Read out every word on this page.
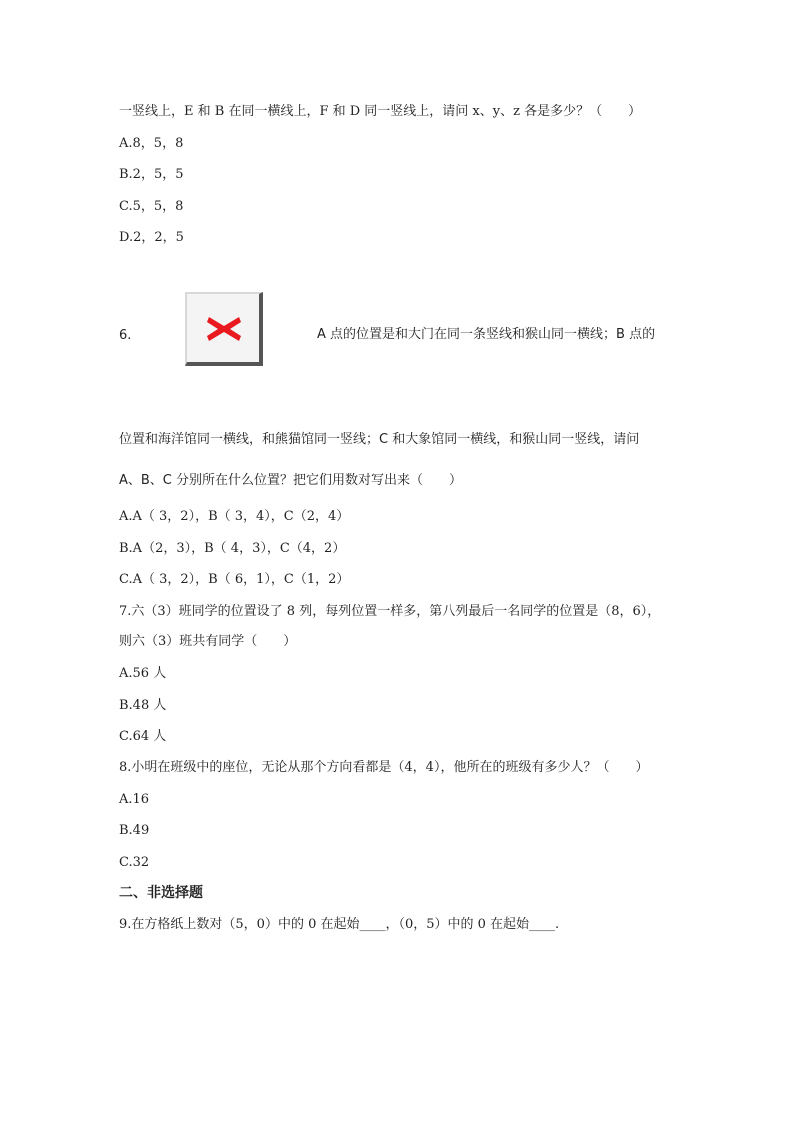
一竖线上，E 和 B 在同一横线上，F 和 D 同一竖线上，请问 x、y、z 各是多少？（　　）
A.8，5，8
B.2，5，5
C.5，5，8
D.2，2，5
6.	A 点的位置是和大门在同一条竖线和猴山同一横线；B 点的
位置和海洋馆同一横线，和熊猫馆同一竖线；C 和大象馆同一横线，和猴山同一竖线，请问
A、B、C 分别所在什么位置？把它们用数对写出来（　　）
A.A（ 3，2），B（ 3，4），C（2，4）
B.A（2，3），B（ 4，3），C（4，2）
C.A（ 3，2），B（ 6，1），C（1，2）
7.六（3）班同学的位置设了 8 列，每列位置一样多，第八列最后一名同学的位置是（8，6），
则六（3）班共有同学（　　）
A.56 人
B.48 人
C.64 人
8.小明在班级中的座位，无论从那个方向看都是（4，4），他所在的班级有多少人？（　　）
A.16
B.49
C.32
二、非选择题
9.在方格纸上数对（5，0）中的 0 在起始____，（0，5）中的 0 在起始____.
